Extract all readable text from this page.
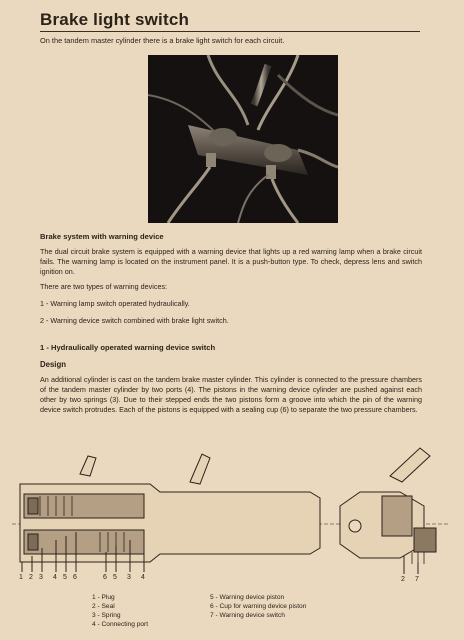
Brake light switch
On the tandem master cylinder there is a brake light switch for each circuit.
Brake system with warning device
The dual circuit brake system is equipped with a warning device that lights up a red warning lamp when a brake circuit fails. The warning lamp is located on the instrument panel. It is a push-button type. To check, depress lens and switch ignition on.
There are two types of warning devices:
1 - Warning lamp switch operated hydraulically.
2 - Warning device switch combined with brake light switch.
1 - Hydraulically operated warning device switch
Design
An additional cylinder is cast on the tandem brake master cylinder. This cylinder is connected to the pressure chambers of the tandem master cylinder by two ports (4). The pistons in the warning device cylinder are pushed against each other by two springs (3). Due to their stepped ends the two pistons form a groove into which the pin of the warning device switch protrudes. Each of the pistons is equipped with a sealing cup (6) to separate the two pressure chambers.
1 2 3 4 5 6	6 5 3 4	2 7
1 - Plug
2 - Seal
3 - Spring
4 - Connecting port
5 - Warning device piston
6 - Cup for warning device piston
7 - Warning device switch
